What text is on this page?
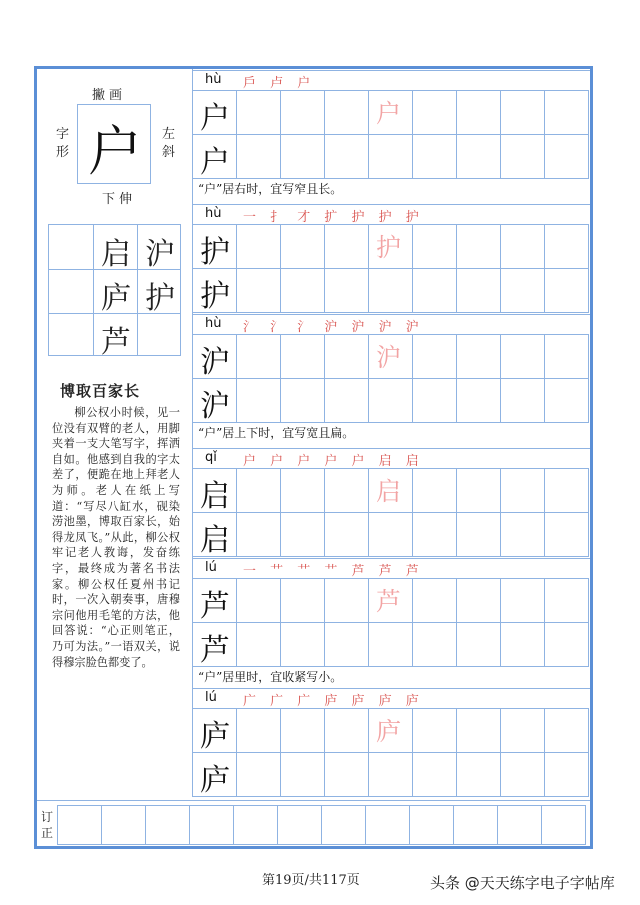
撇画
字形 户 左斜
下伸
启 沪
庐 护
芦
博取百家长
柳公权小时候，见一位没有双臂的老人，用脚夹着一支大笔写字，挥洒自如。他感到自我的字太差了，便跪在地上拜老人为师。老人在纸上写道：“写尽八缸水，砚染涝池墨，博取百家长，始得龙凤飞。”从此，柳公权牢记老人教诲，发奋练字，最终成为著名书法家。柳公权任夏州书记时，一次入朝奏事，唐穆宗问他用毛笔的方法，他回答说：“心正则笔正，乃可为法。”一语双关，说得穆宗脸色都变了。
hù 戶 卢 户
户
户
户
“户”居右时，宜写窄且长。
hù 一 扌 才 扩 护 护 护
护
护
护
hù 氵 氵 氵 沪 沪 沪 沪
沪
沪
沪
“户”居上下时，宜写宽且扁。
qǐ 户 户 户 户 户 启 启
启
启
启
lú 一 艹 艹 艹 芦 芦 芦
芦
芦
芦
“户”居里时，宜收紧写小。
lú 广 广 广 庐 庐 庐 庐
庐
庐
庐
订正
第19页/共117页	头条 @天天练字电子字帖库
